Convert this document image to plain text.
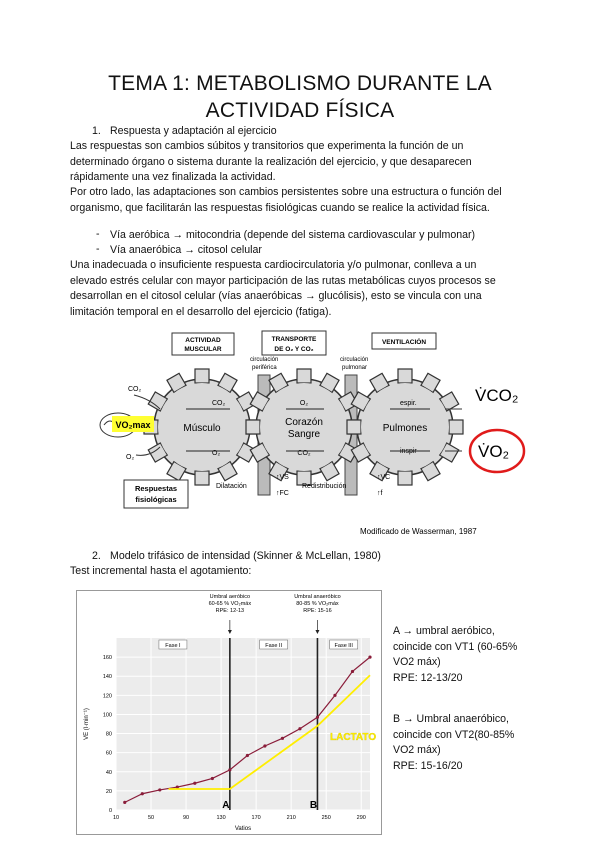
TEMA 1: METABOLISMO DURANTE LA
ACTIVIDAD FÍSICA
1. Respuesta y adaptación al ejercicio
Las respuestas son cambios súbitos y transitorios que experimenta la función de un
determinado órgano o sistema durante la realización del ejercicio, y que desaparecen
rápidamente una vez finalizada la actividad.
Por otro lado, las adaptaciones son cambios persistentes sobre una estructura o función del
organismo, que facilitarán las respuestas fisiológicas cuando se realice la actividad física.
- Vía aeróbica → mitocondria (depende del sistema cardiovascular y pulmonar)
- Vía anaeróbica → citosol celular
Una inadecuada o insuficiente respuesta cardiocirculatoria y/o pulmonar, conlleva a un
elevado estrés celular con mayor participación de las rutas metabólicas cuyos procesos se
desarrollan en el citosol celular (vías anaeróbicas → glucólisis), esto se vincula con una
limitación temporal en el desarrollo del ejercicio (fatiga).
ACTIVIDAD
MUSCULAR
TRANSPORTE
DE O₂ Y CO₂
VENTILACIÓN
circulación
periférica
circulación
pulmonar
Músculo
Corazón
Sangre
Pulmones
CO₂
O₂
O₂
CO₂
espir.
inspir
CO₂
O₂
VO₂max
V̇CO₂
V̇O₂
Respuestas
fisiológicas
Dilatación
↑VS
↑FC
Redistribución
↑VC
↑f
Modificado de Wasserman, 1987
2. Modelo trifásico de intensidad (Skinner & McLellan, 1980)
Test incremental hasta el agotamiento:
0
20
40
60
80
100
120
140
160
10	50	90	130	170	210	250	290
Fase I	Fase II	Fase III
Umbral aeróbico
60-65 % VO₂máx
RPE: 12-13
A
Umbral anaeróbico
80-85 % VO₂máx
RPE: 15-16
B
Vatios
VE (l·min⁻¹)	LACTATO
A → umbral aeróbico,
coincide con VT1 (60-65%
VO2 máx)
RPE: 12-13/20
B → Umbral anaeróbico,
coincide con VT2(80-85%
VO2 máx)
RPE: 15-16/20
